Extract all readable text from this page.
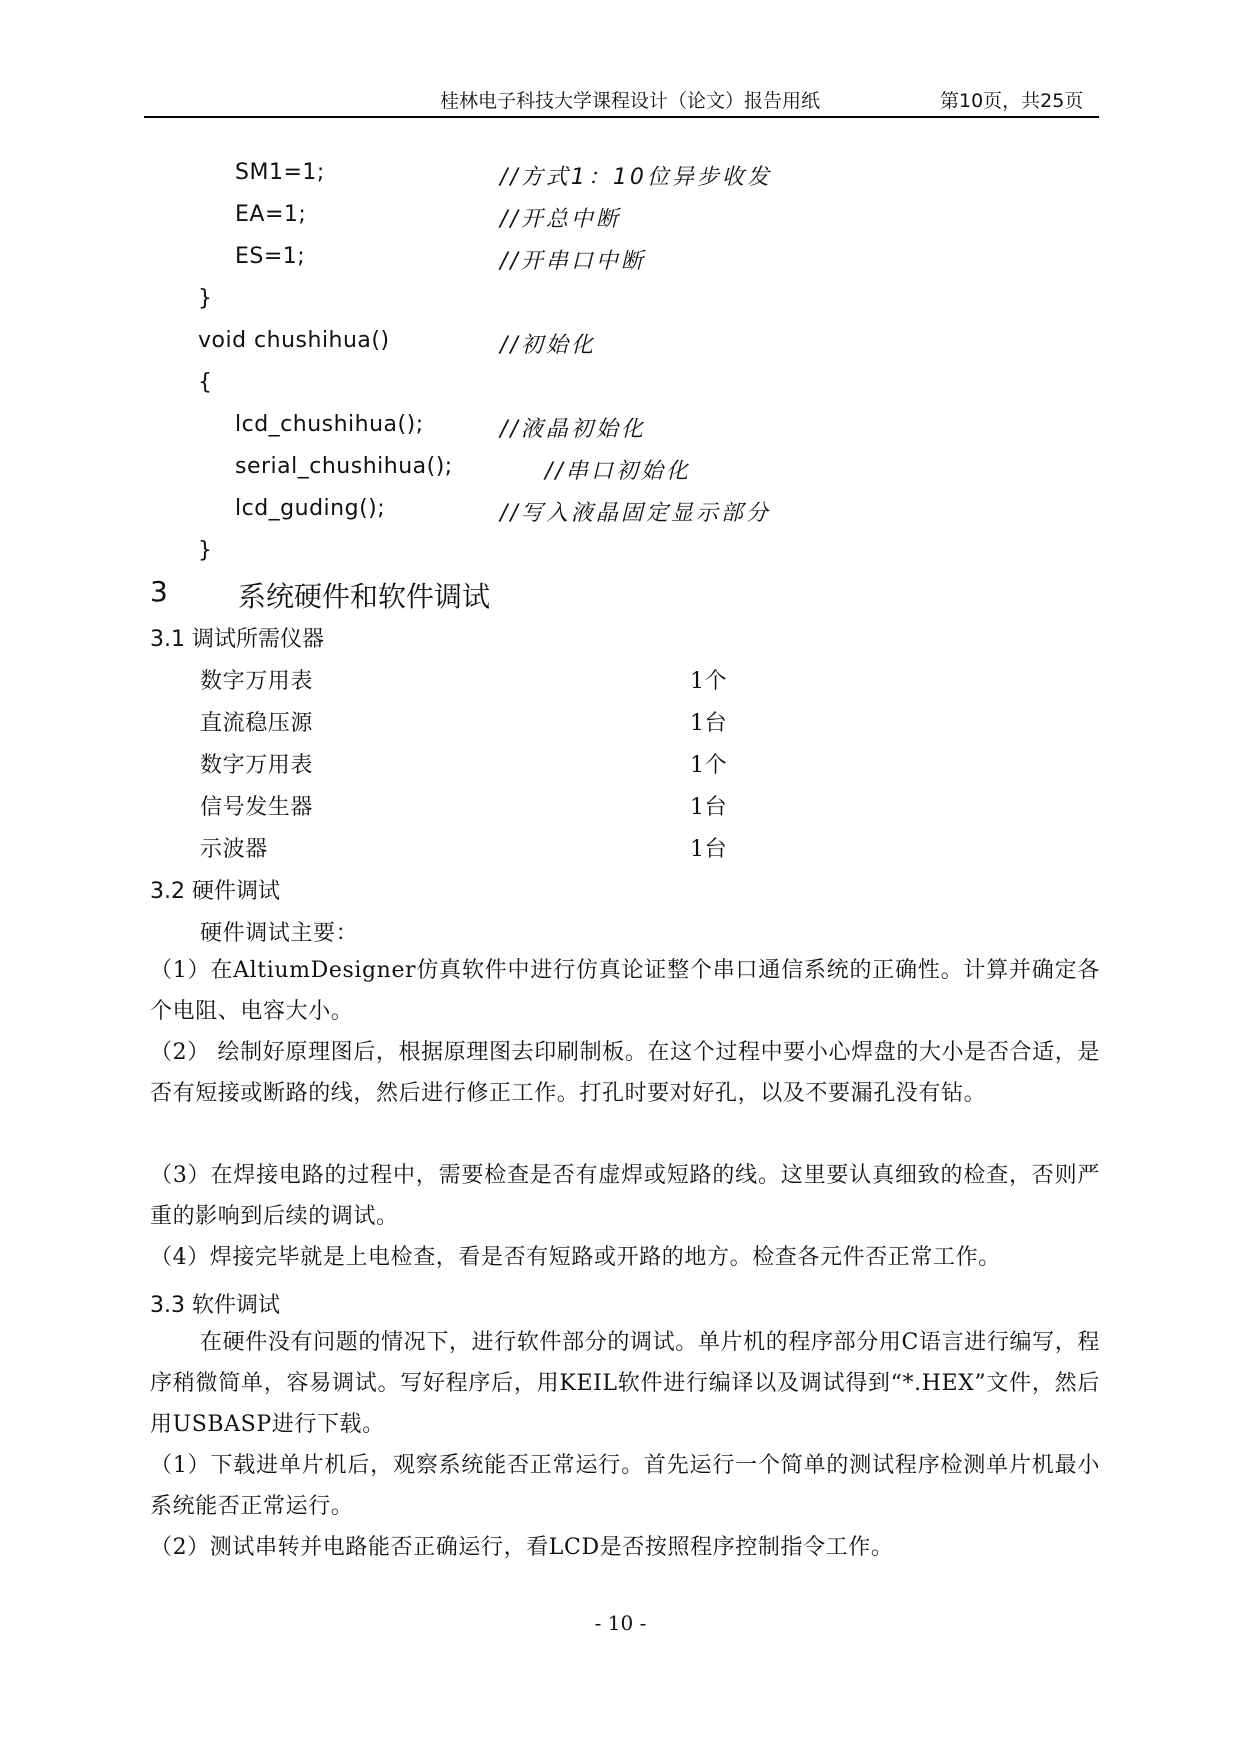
桂林电子科技大学课程设计（论文）报告用纸	第10页，共25页
SM1=1;	//方式1：10位异步收发
EA=1;	//开总中断
ES=1;	//开串口中断
}
void chushihua()	//初始化
{
lcd_chushihua();	//液晶初始化
serial_chushihua();	//串口初始化
lcd_guding();	//写入液晶固定显示部分
}
3	系统硬件和软件调试
3.1 调试所需仪器
数字万用表	1个
直流稳压源	1台
数字万用表	1个
信号发生器	1台
示波器	1台
3.2 硬件调试
硬件调试主要：
（1）在AltiumDesigner仿真软件中进行仿真论证整个串口通信系统的正确性。计算并确定各个电阻、电容大小。
（2） 绘制好原理图后，根据原理图去印刷制板。在这个过程中要小心焊盘的大小是否合适，是否有短接或断路的线，然后进行修正工作。打孔时要对好孔，以及不要漏孔没有钻。
（3）在焊接电路的过程中，需要检查是否有虚焊或短路的线。这里要认真细致的检查，否则严重的影响到后续的调试。
（4）焊接完毕就是上电检查，看是否有短路或开路的地方。检查各元件否正常工作。
3.3 软件调试
在硬件没有问题的情况下，进行软件部分的调试。单片机的程序部分用C语言进行编写，程序稍微简单，容易调试。写好程序后，用KEIL软件进行编译以及调试得到“*.HEX”文件，然后用USBASP进行下载。
（1）下载进单片机后，观察系统能否正常运行。首先运行一个简单的测试程序检测单片机最小系统能否正常运行。
（2）测试串转并电路能否正确运行，看LCD是否按照程序控制指令工作。
- 10 -
